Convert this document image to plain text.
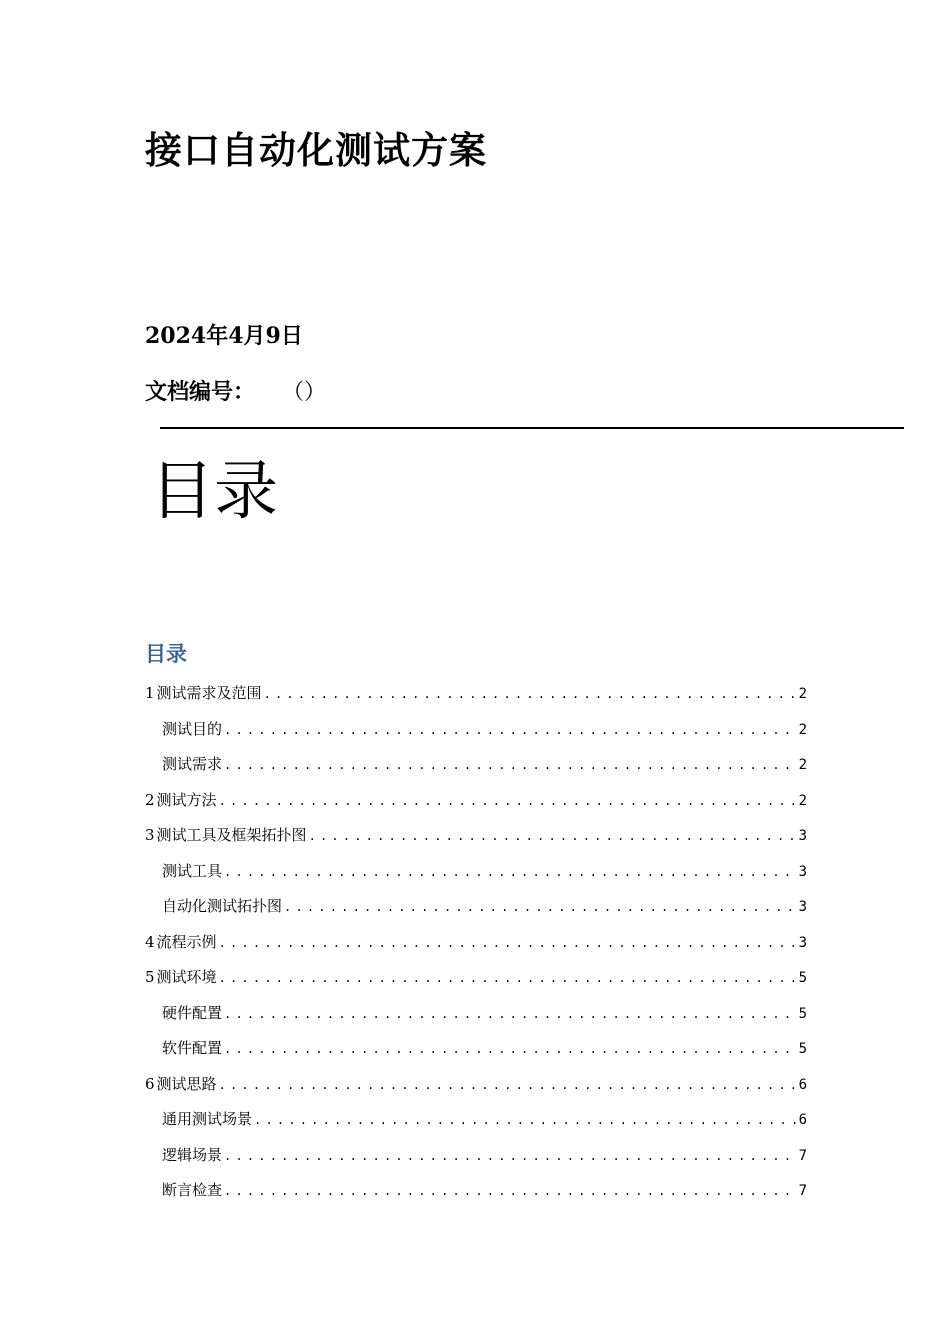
接口自动化测试方案
2024年4月9日
文档编号： （）
目录
目录
1 测试需求及范围 .....	2
测试目的 .....	2
测试需求 .....	2
2 测试方法 .....	2
3 测试工具及框架拓扑图 .....	3
测试工具 .....	3
自动化测试拓扑图 .....	3
4 流程示例 .....	3
5 测试环境 .....	5
硬件配置 .....	5
软件配置 .....	5
6 测试思路 .....	6
通用测试场景 .....	6
逻辑场景 .....	7
断言检查 .....	7
